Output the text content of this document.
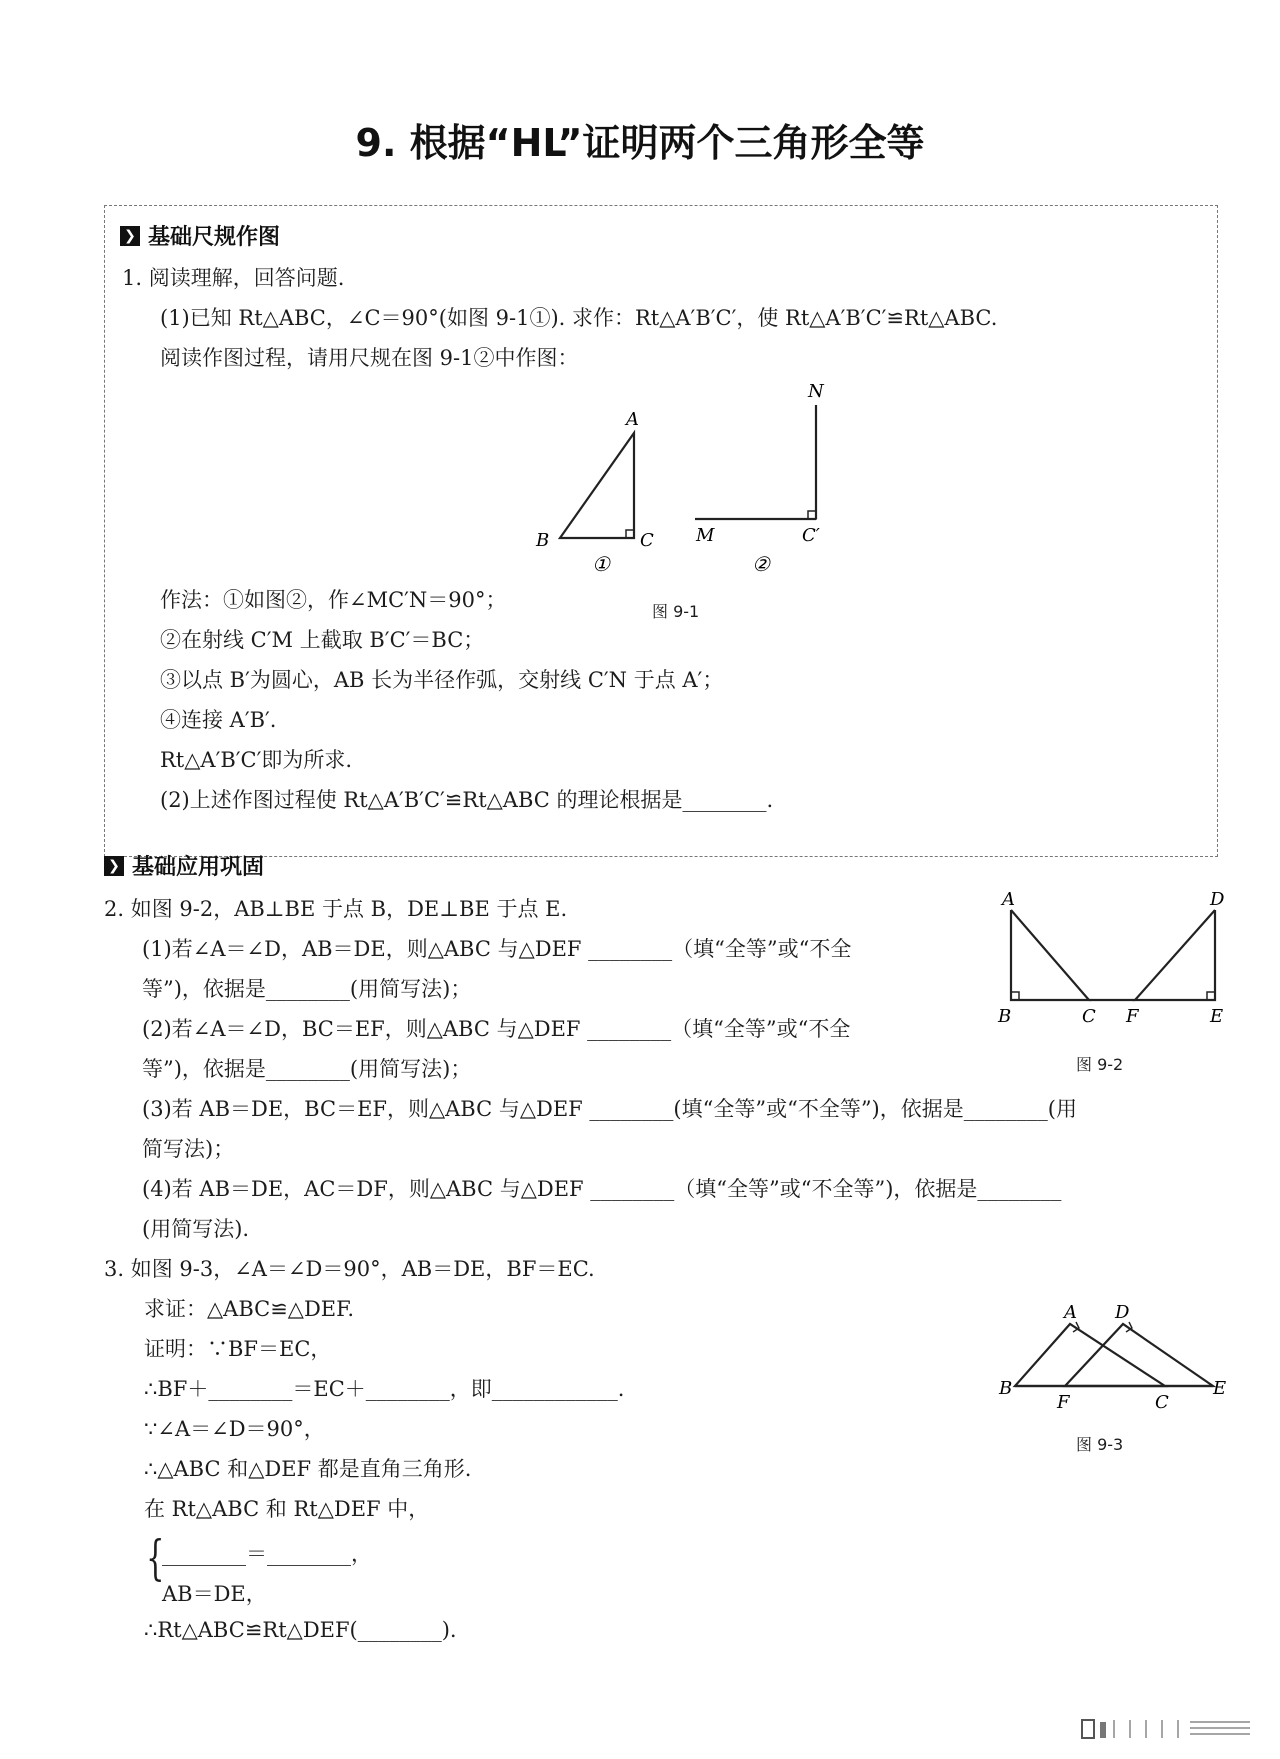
9. 根据“HL”证明两个三角形全等
❯ 基础尺规作图
1. 阅读理解，回答问题.
(1)已知 Rt△ABC，∠C＝90°(如图 9-1①). 求作：Rt△A′B′C′，使 Rt△A′B′C′≌Rt△ABC.
阅读作图过程，请用尺规在图 9-1②中作图：
A
B	C
①
N
M	C′
②
图 9-1
作法：①如图②，作∠MC′N＝90°；
②在射线 C′M 上截取 B′C′＝BC；
③以点 B′为圆心，AB 长为半径作弧，交射线 C′N 于点 A′；
④连接 A′B′.
Rt△A′B′C′即为所求.
(2)上述作图过程使 Rt△A′B′C′≌Rt△ABC 的理论根据是________.
❯ 基础应用巩固
2. 如图 9-2，AB⊥BE 于点 B，DE⊥BE 于点 E.
(1)若∠A＝∠D，AB＝DE，则△ABC 与△DEF ________（填“全等”或“不全
等”)，依据是________(用简写法)；
(2)若∠A＝∠D，BC＝EF，则△ABC 与△DEF ________（填“全等”或“不全
等”)，依据是________(用简写法)；
(3)若 AB＝DE，BC＝EF，则△ABC 与△DEF ________(填“全等”或“不全等”)，依据是________(用
简写法)；
(4)若 AB＝DE，AC＝DF，则△ABC 与△DEF ________（填“全等”或“不全等”)，依据是________
(用简写法).
A
B	C F	E
D
图 9-2
3. 如图 9-3，∠A＝∠D＝90°，AB＝DE，BF＝EC.
求证：△ABC≌△DEF.
证明：∵BF＝EC，
∴BF＋________＝EC＋________，即____________.
∵∠A＝∠D＝90°，
∴△ABC 和△DEF 都是直角三角形.
在 Rt△ABC 和 Rt△DEF 中，
{
________＝________，
AB＝DE，
∴Rt△ABC≌Rt△DEF(________).
A D
B
F	C
E
图 9-3
